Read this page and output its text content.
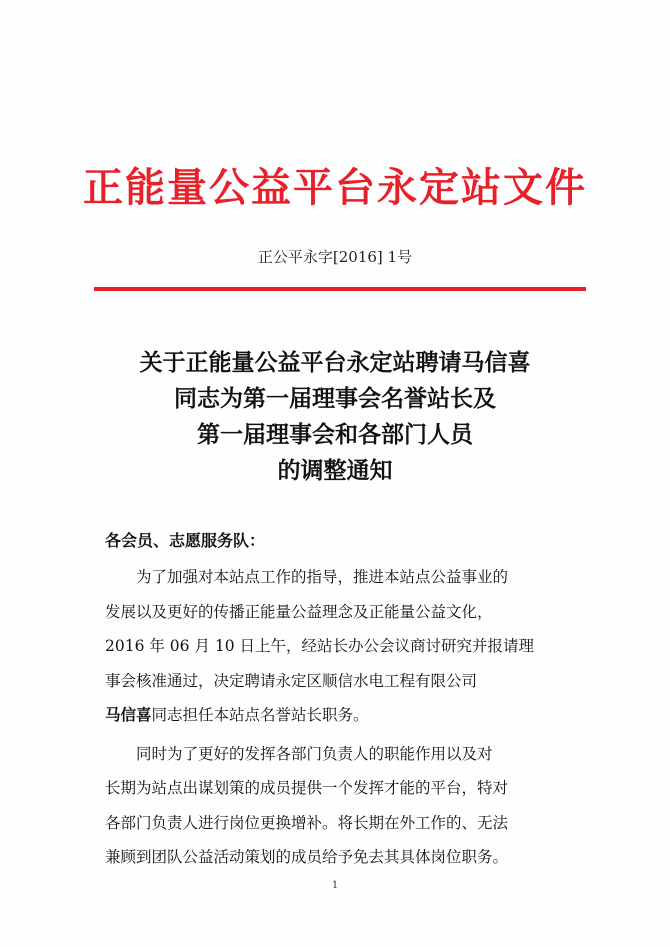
正能量公益平台永定站文件
正公平永字[2016] 1号
关于正能量公益平台永定站聘请马信喜
同志为第一届理事会名誉站长及
第一届理事会和各部门人员
的调整通知
各会员、志愿服务队：
为了加强对本站点工作的指导，推进本站点公益事业的
发展以及更好的传播正能量公益理念及正能量公益文化，
2016 年 06 月 10 日上午，经站长办公会议商讨研究并报请理
事会核准通过，决定聘请永定区顺信水电工程有限公司
马信喜同志担任本站点名誉站长职务。
同时为了更好的发挥各部门负责人的职能作用以及对
长期为站点出谋划策的成员提供一个发挥才能的平台，特对
各部门负责人进行岗位更换增补。将长期在外工作的、无法
兼顾到团队公益活动策划的成员给予免去其具体岗位职务。
1
